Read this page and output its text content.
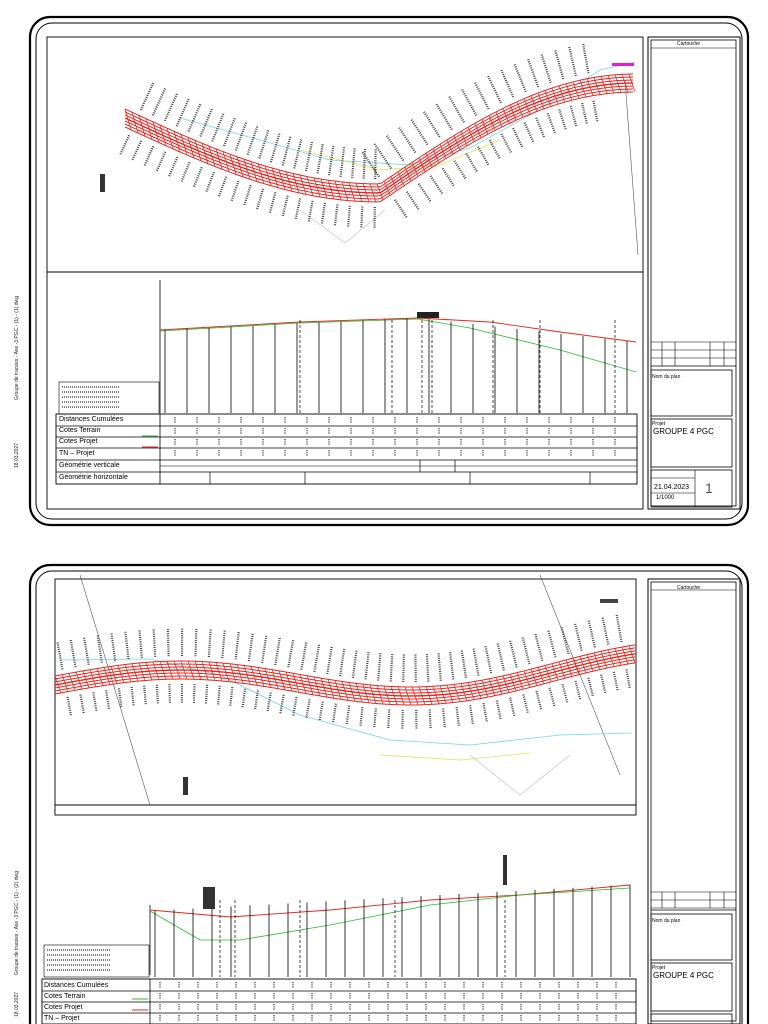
Groupe de tracées - Axe -3 PGC - (1) - (1).dwg
18.03.2027
Distances Cumulées
Cotes Terrain
Cotes Projet
TN – Projet
Géométrie verticale
Géométrie horizontale
Cartouche
Nom du plan
Projet
GROUPE 4 PGC
21.04.2023
1/1000
1
Groupe de tracées - Axe -3 PGC - (1) - (2).dwg
18.03.2027
Distances Cumulées
Cotes Terrain
Cotes Projet
TN – Projet
Cartouche
Nom du plan
Projet
GROUPE 4 PGC
